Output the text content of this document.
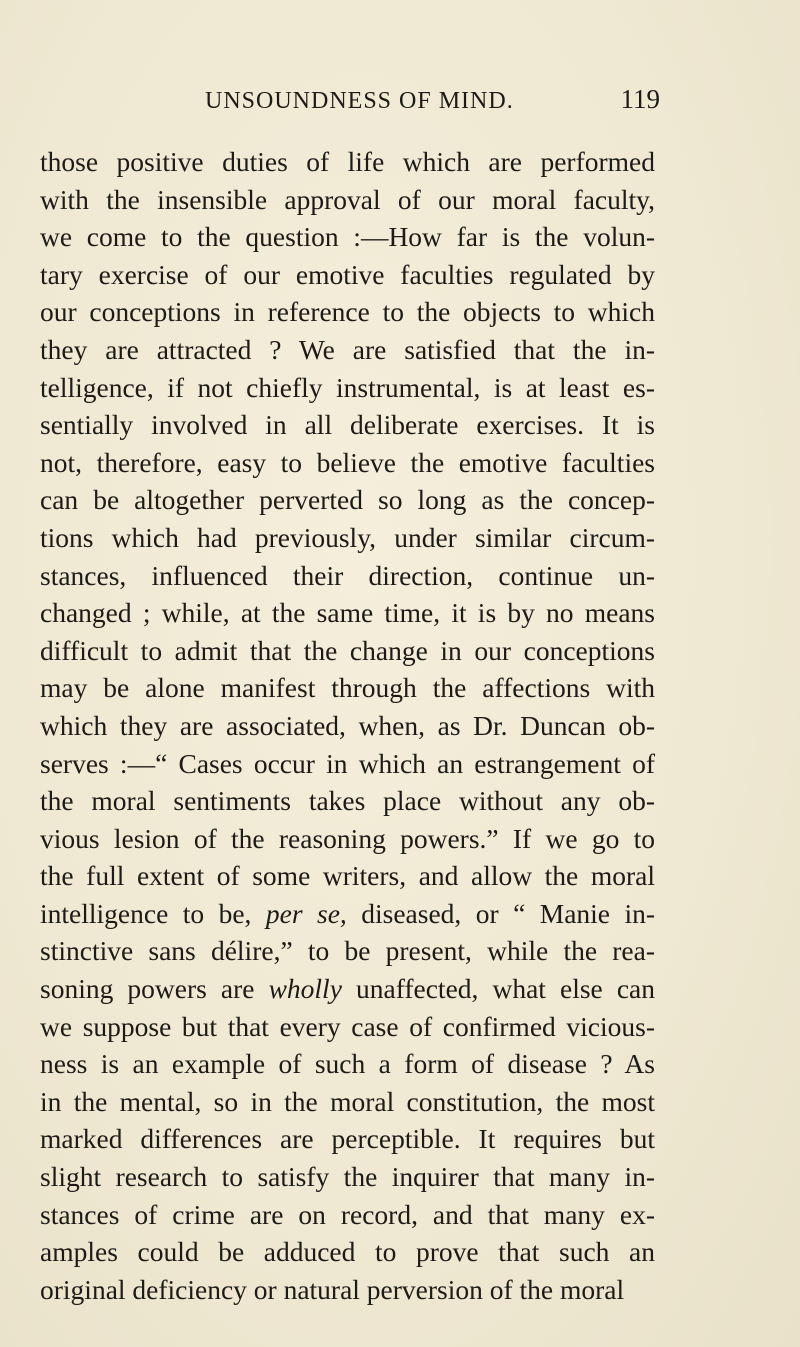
UNSOUNDNESS OF MIND.	119
those positive duties of life which are performed
with the insensible approval of our moral faculty,
we come to the question :—How far is the volun-
tary exercise of our emotive faculties regulated by
our conceptions in reference to the objects to which
they are attracted ? We are satisfied that the in-
telligence, if not chiefly instrumental, is at least es-
sentially involved in all deliberate exercises. It is
not, therefore, easy to believe the emotive faculties
can be altogether perverted so long as the concep-
tions which had previously, under similar circum-
stances, influenced their direction, continue un-
changed ; while, at the same time, it is by no means
difficult to admit that the change in our conceptions
may be alone manifest through the affections with
which they are associated, when, as Dr. Duncan ob-
serves :—“ Cases occur in which an estrangement of
the moral sentiments takes place without any ob-
vious lesion of the reasoning powers.” If we go to
the full extent of some writers, and allow the moral
intelligence to be, per se, diseased, or “ Manie in-
stinctive sans délire,” to be present, while the rea-
soning powers are wholly unaffected, what else can
we suppose but that every case of confirmed vicious-
ness is an example of such a form of disease ? As
in the mental, so in the moral constitution, the most
marked differences are perceptible. It requires but
slight research to satisfy the inquirer that many in-
stances of crime are on record, and that many ex-
amples could be adduced to prove that such an
original deficiency or natural perversion of the moral
